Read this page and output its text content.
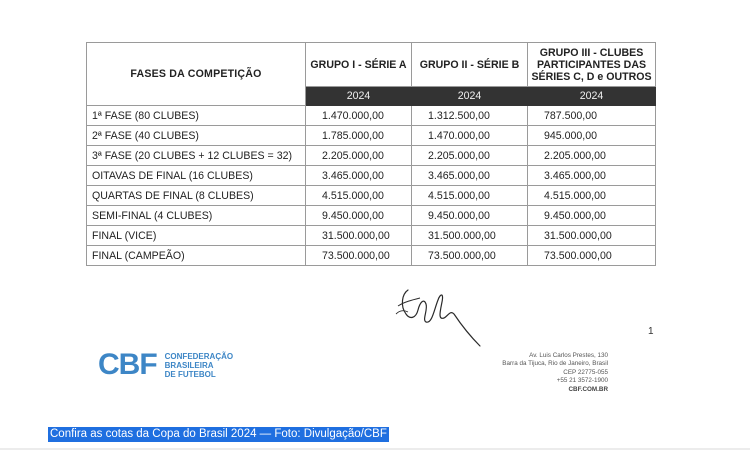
FASES DA COMPETIÇÃO	GRUPO I - SÉRIE A	GRUPO II - SÉRIE B	GRUPO III - CLUBES PARTICIPANTES DAS SÉRIES C, D e OUTROS
	2024	2024	2024
1ª FASE (80 CLUBES)	1.470.000,00	1.312.500,00	787.500,00
2ª FASE (40 CLUBES)	1.785.000,00	1.470.000,00	945.000,00
3ª FASE (20 CLUBES + 12 CLUBES = 32)	2.205.000,00	2.205.000,00	2.205.000,00
OITAVAS DE FINAL (16 CLUBES)	3.465.000,00	3.465.000,00	3.465.000,00
QUARTAS DE FINAL (8 CLUBES)	4.515.000,00	4.515.000,00	4.515.000,00
SEMI-FINAL (4 CLUBES)	9.450.000,00	9.450.000,00	9.450.000,00
FINAL (VICE)	31.500.000,00	31.500.000,00	31.500.000,00
FINAL (CAMPEÃO)	73.500.000,00	73.500.000,00	73.500.000,00
1
CBF CONFEDERAÇÃO
BRASILEIRA
DE FUTEBOL
Av. Luis Carlos Prestes, 130
Barra da Tijuca, Rio de Janeiro, Brasil
CEP 22775-055
+55 21 3572-1900
CBF.COM.BR
Confira as cotas da Copa do Brasil 2024 — Foto: Divulgação/CBF
